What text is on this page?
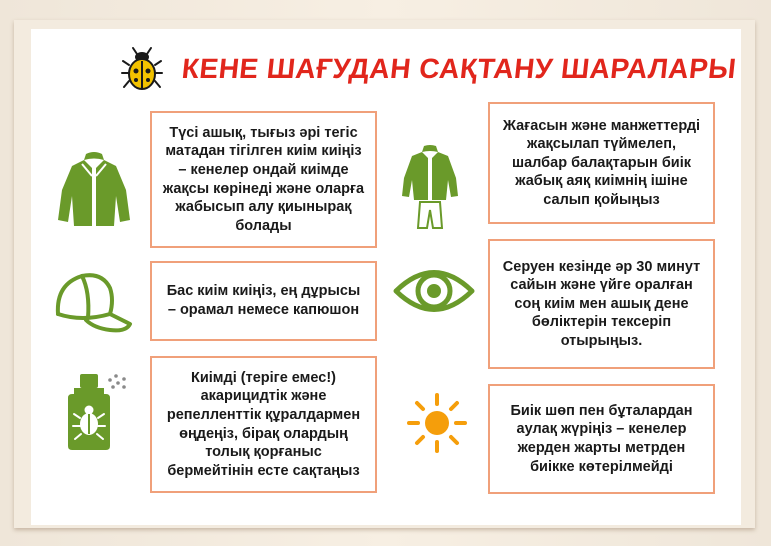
КЕНЕ ШАҒУДАН САҚТАНУ ШАРАЛАРЫ
Түсі ашық, тығыз әрі тегіс матадан тігілген киім киіңіз – кенелер ондай киімде жақсы көрінеді және оларға жабысып алу қиынырақ болады
Бас киім киіңіз, ең дұрысы – орамал немесе капюшон
Киімді (теріге емес!) акарицидтік және репелленттік құралдармен өңдеңіз, бірақ олардың толық қорғаныс бермейтінін есте сақтаңыз
Жағасын және манжеттерді жақсылап түймелеп, шалбар балақтарын биік жабық аяқ киімнің ішіне салып қойыңыз
Серуен кезінде әр 30 минут сайын және үйге оралған соң киім мен ашық дене бөліктерін тексеріп отырыңыз.
Биік шөп пен бұталардан аулақ жүріңіз – кенелер жерден жарты метрден биікке көтерілмейді
